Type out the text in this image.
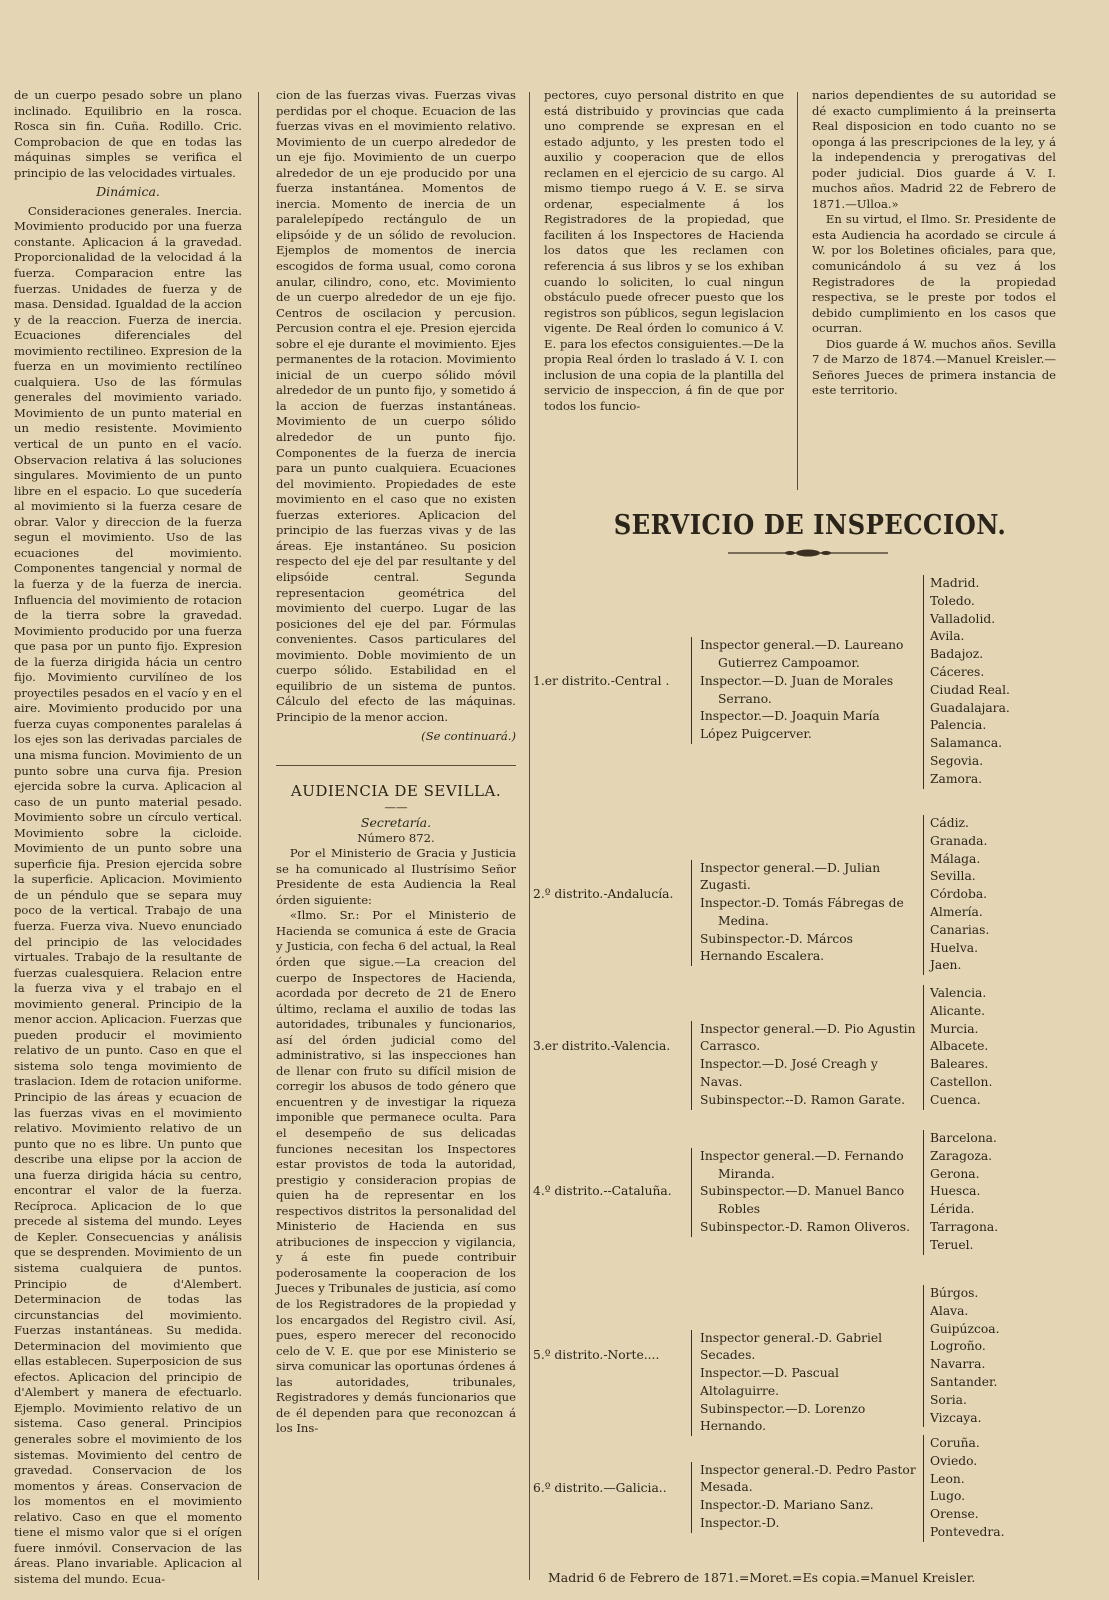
de un cuerpo pesado sobre un plano inclinado. Equilibrio en la rosca. Rosca sin fin. Cuña. Rodillo. Cric. Comprobacion de que en todas las máquinas simples se verifica el principio de las velocidades virtuales.

Dinámica.

Consideraciones generales. Inercia. Movimiento producido por una fuerza constante. Aplicacion á la gravedad. Proporcionalidad de la velocidad á la fuerza. Comparacion entre las fuerzas. Unidades de fuerza y de masa. Densidad. Igualdad de la accion y de la reaccion. Fuerza de inercia. Ecuaciones diferenciales del movimiento rectilineo. Expresion de la fuerza en un movimiento rectilíneo cualquiera. Uso de las fórmulas generales del movimiento variado. Movimiento de un punto material en un medio resistente. Movimiento vertical de un punto en el vacío. Observacion relativa á las soluciones singulares. Movimiento de un punto libre en el espacio. Lo que sucedería al movimiento si la fuerza cesare de obrar. Valor y direccion de la fuerza segun el movimiento. Uso de las ecuaciones del movimiento. Componentes tangencial y normal de la fuerza y de la fuerza de inercia. Influencia del movimiento de rotacion de la tierra sobre la gravedad. Movimiento producido por una fuerza que pasa por un punto fijo. Expresion de la fuerza dirigida hácia un centro fijo. Movimiento curvilíneo de los proyectiles pesados en el vacío y en el aire. Movimiento producido por una fuerza cuyas componentes paralelas á los ejes son las derivadas parciales de una misma funcion. Movimiento de un punto sobre una curva fija. Presion ejercida sobre la curva. Aplicacion al caso de un punto material pesado. Movimiento sobre un círculo vertical. Movimiento sobre la cicloide. Movimiento de un punto sobre una superficie fija. Presion ejercida sobre la superficie. Aplicacion. Movimiento de un péndulo que se separa muy poco de la vertical. Trabajo de una fuerza. Fuerza viva. Nuevo enunciado del principio de las velocidades virtuales. Trabajo de la resultante de fuerzas cualesquiera. Relacion entre la fuerza viva y el trabajo en el movimiento general. Principio de la menor accion. Aplicacion. Fuerzas que pueden producir el movimiento relativo de un punto. Caso en que el sistema solo tenga movimiento de traslacion. Idem de rotacion uniforme. Principio de las áreas y ecuacion de las fuerzas vivas en el movimiento relativo. Movimiento relativo de un punto que no es libre. Un punto que describe una elipse por la accion de una fuerza dirigida hácia su centro, encontrar el valor de la fuerza. Recíproca. Aplicacion de lo que precede al sistema del mundo. Leyes de Kepler. Consecuencias y análisis que se desprenden. Movimiento de un sistema cualquiera de puntos. Principio de d'Alembert. Determinacion de todas las circunstancias del movimiento. Fuerzas instantáneas. Su medida. Determinacion del movimiento que ellas establecen. Superposicion de sus efectos. Aplicacion del principio de d'Alembert y manera de efectuarlo. Ejemplo. Movimiento relativo de un sistema. Caso general. Principios generales sobre el movimiento de los sistemas. Movimiento del centro de gravedad. Conservacion de los momentos y áreas. Conservacion de los momentos en el movimiento relativo. Caso en que el momento tiene el mismo valor que si el orígen fuere inmóvil. Conservacion de las áreas. Plano invariable. Aplicacion al sistema del mundo. Ecua-

cion de las fuerzas vivas. Fuerzas vivas perdidas por el choque. Ecuacion de las fuerzas vivas en el movimiento relativo. Movimiento de un cuerpo alrededor de un eje fijo. Movimiento de un cuerpo alrededor de un eje producido por una fuerza instantánea. Momentos de inercia. Momento de inercia de un paralelepípedo rectángulo de un elipsóide y de un sólido de revolucion. Ejemplos de momentos de inercia escogidos de forma usual, como corona anular, cilindro, cono, etc. Movimiento de un cuerpo alrededor de un eje fijo. Centros de oscilacion y percusion. Percusion contra el eje. Presion ejercida sobre el eje durante el movimiento. Ejes permanentes de la rotacion. Movimiento inicial de un cuerpo sólido móvil alrededor de un punto fijo, y sometido á la accion de fuerzas instantáneas. Movimiento de un cuerpo sólido alrededor de un punto fijo. Componentes de la fuerza de inercia para un punto cualquiera. Ecuaciones del movimiento. Propiedades de este movimiento en el caso que no existen fuerzas exteriores. Aplicacion del principio de las fuerzas vivas y de las áreas. Eje instantáneo. Su posicion respecto del eje del par resultante y del elipsóide central. Segunda representacion geométrica del movimiento del cuerpo. Lugar de las posiciones del eje del par. Fórmulas convenientes. Casos particulares del movimiento. Doble movimiento de un cuerpo sólido. Estabilidad en el equilibrio de un sistema de puntos. Cálculo del efecto de las máquinas. Principio de la menor accion.

(Se continuará.)

AUDIENCIA DE SEVILLA.

——

Secretaría.

Número 872.

Por el Ministerio de Gracia y Justicia se ha comunicado al Ilustrísimo Señor Presidente de esta Audiencia la Real órden siguiente:

«Ilmo. Sr.: Por el Ministerio de Hacienda se comunica á este de Gracia y Justicia, con fecha 6 del actual, la Real órden que sigue.—La creacion del cuerpo de Inspectores de Hacienda, acordada por decreto de 21 de Enero último, reclama el auxilio de todas las autoridades, tribunales y funcionarios, así del órden judicial como del administrativo, si las inspecciones han de llenar con fruto su difícil mision de corregir los abusos de todo género que encuentren y de investigar la riqueza imponible que permanece oculta. Para el desempeño de sus delicadas funciones necesitan los Inspectores estar provistos de toda la autoridad, prestigio y consideracion propias de quien ha de representar en los respectivos distritos la personalidad del Ministerio de Hacienda en sus atribuciones de inspeccion y vigilancia, y á este fin puede contribuir poderosamente la cooperacion de los Jueces y Tribunales de justicia, así como de los Registradores de la propiedad y los encargados del Registro civil. Así, pues, espero merecer del reconocido celo de V. E. que por ese Ministerio se sirva comunicar las oportunas órdenes á las autoridades, tribunales, Registradores y demás funcionarios que de él dependen para que reconozcan á los Ins-

pectores, cuyo personal distrito en que está distribuido y provincias que cada uno comprende se expresan en el estado adjunto, y les presten todo el auxilio y cooperacion que de ellos reclamen en el ejercicio de su cargo. Al mismo tiempo ruego á V. E. se sirva ordenar, especialmente á los Registradores de la propiedad, que faciliten á los Inspectores de Hacienda los datos que les reclamen con referencia á sus libros y se los exhiban cuando lo soliciten, lo cual ningun obstáculo puede ofrecer puesto que los registros son públicos, segun legislacion vigente. De Real órden lo comunico á V. E. para los efectos consiguientes.—De la propia Real órden lo traslado á V. I. con inclusion de una copia de la plantilla del servicio de inspeccion, á fin de que por todos los funcio-

narios dependientes de su autoridad se dé exacto cumplimiento á la preinserta Real disposicion en todo cuanto no se oponga á las prescripciones de la ley, y á la independencia y prerogativas del poder judicial. Dios guarde á V. I. muchos años. Madrid 22 de Febrero de 1871.—Ulloa.»

En su virtud, el Ilmo. Sr. Presidente de esta Audiencia ha acordado se circule á W. por los Boletines oficiales, para que, comunicándolo á su vez á los Registradores de la propiedad respectiva, se le preste por todos el debido cumplimiento en los casos que ocurran.

Dios guarde á W. muchos años. Sevilla 7 de Marzo de 1874.—Manuel Kreisler.—Señores Jueces de primera instancia de este territorio.

SERVICIO DE INSPECCION.
1.er distrito.-Central .
Inspector general.—D. Laureano
Gutierrez Campoamor.
Inspector.—D. Juan de Morales
Serrano.
Inspector.—D. Joaquin María López Puigcerver.
Madrid.
Toledo.
Valladolid.
Avila.
Badajoz.
Cáceres.
Ciudad Real.
Guadalajara.
Palencia.
Salamanca.
Segovia.
Zamora.
2.º distrito.-Andalucía.
Inspector general.—D. Julian Zugasti.
Inspector.-D. Tomás Fábregas de
Medina.
Subinspector.-D. Márcos Hernando Escalera.
Cádiz.
Granada.
Málaga.
Sevilla.
Córdoba.
Almería.
Canarias.
Huelva.
Jaen.
3.er distrito.-Valencia.
Inspector general.—D. Pio Agustin Carrasco.
Inspector.—D. José Creagh y Navas.
Subinspector.--D. Ramon Garate.
Valencia.
Alicante.
Murcia.
Albacete.
Baleares.
Castellon.
Cuenca.
4.º distrito.--Cataluña.
Inspector general.—D. Fernando
Miranda.
Subinspector.—D. Manuel Banco
Robles
Subinspector.-D. Ramon Oliveros.
Barcelona.
Zaragoza.
Gerona.
Huesca.
Lérida.
Tarragona.
Teruel.
5.º distrito.-Norte....
Inspector general.-D. Gabriel Secades.
Inspector.—D. Pascual Altolaguirre.
Subinspector.—D. Lorenzo Hernando.
Búrgos.
Alava.
Guipúzcoa.
Logroño.
Navarra.
Santander.
Soria.
Vizcaya.
6.º distrito.—Galicia..
Inspector general.-D. Pedro Pastor Mesada.
Inspector.-D. Mariano Sanz.
Inspector.-D.
Coruña.
Oviedo.
Leon.
Lugo.
Orense.
Pontevedra.
Madrid 6 de Febrero de 1871.=Moret.=Es copia.=Manuel Kreisler.
